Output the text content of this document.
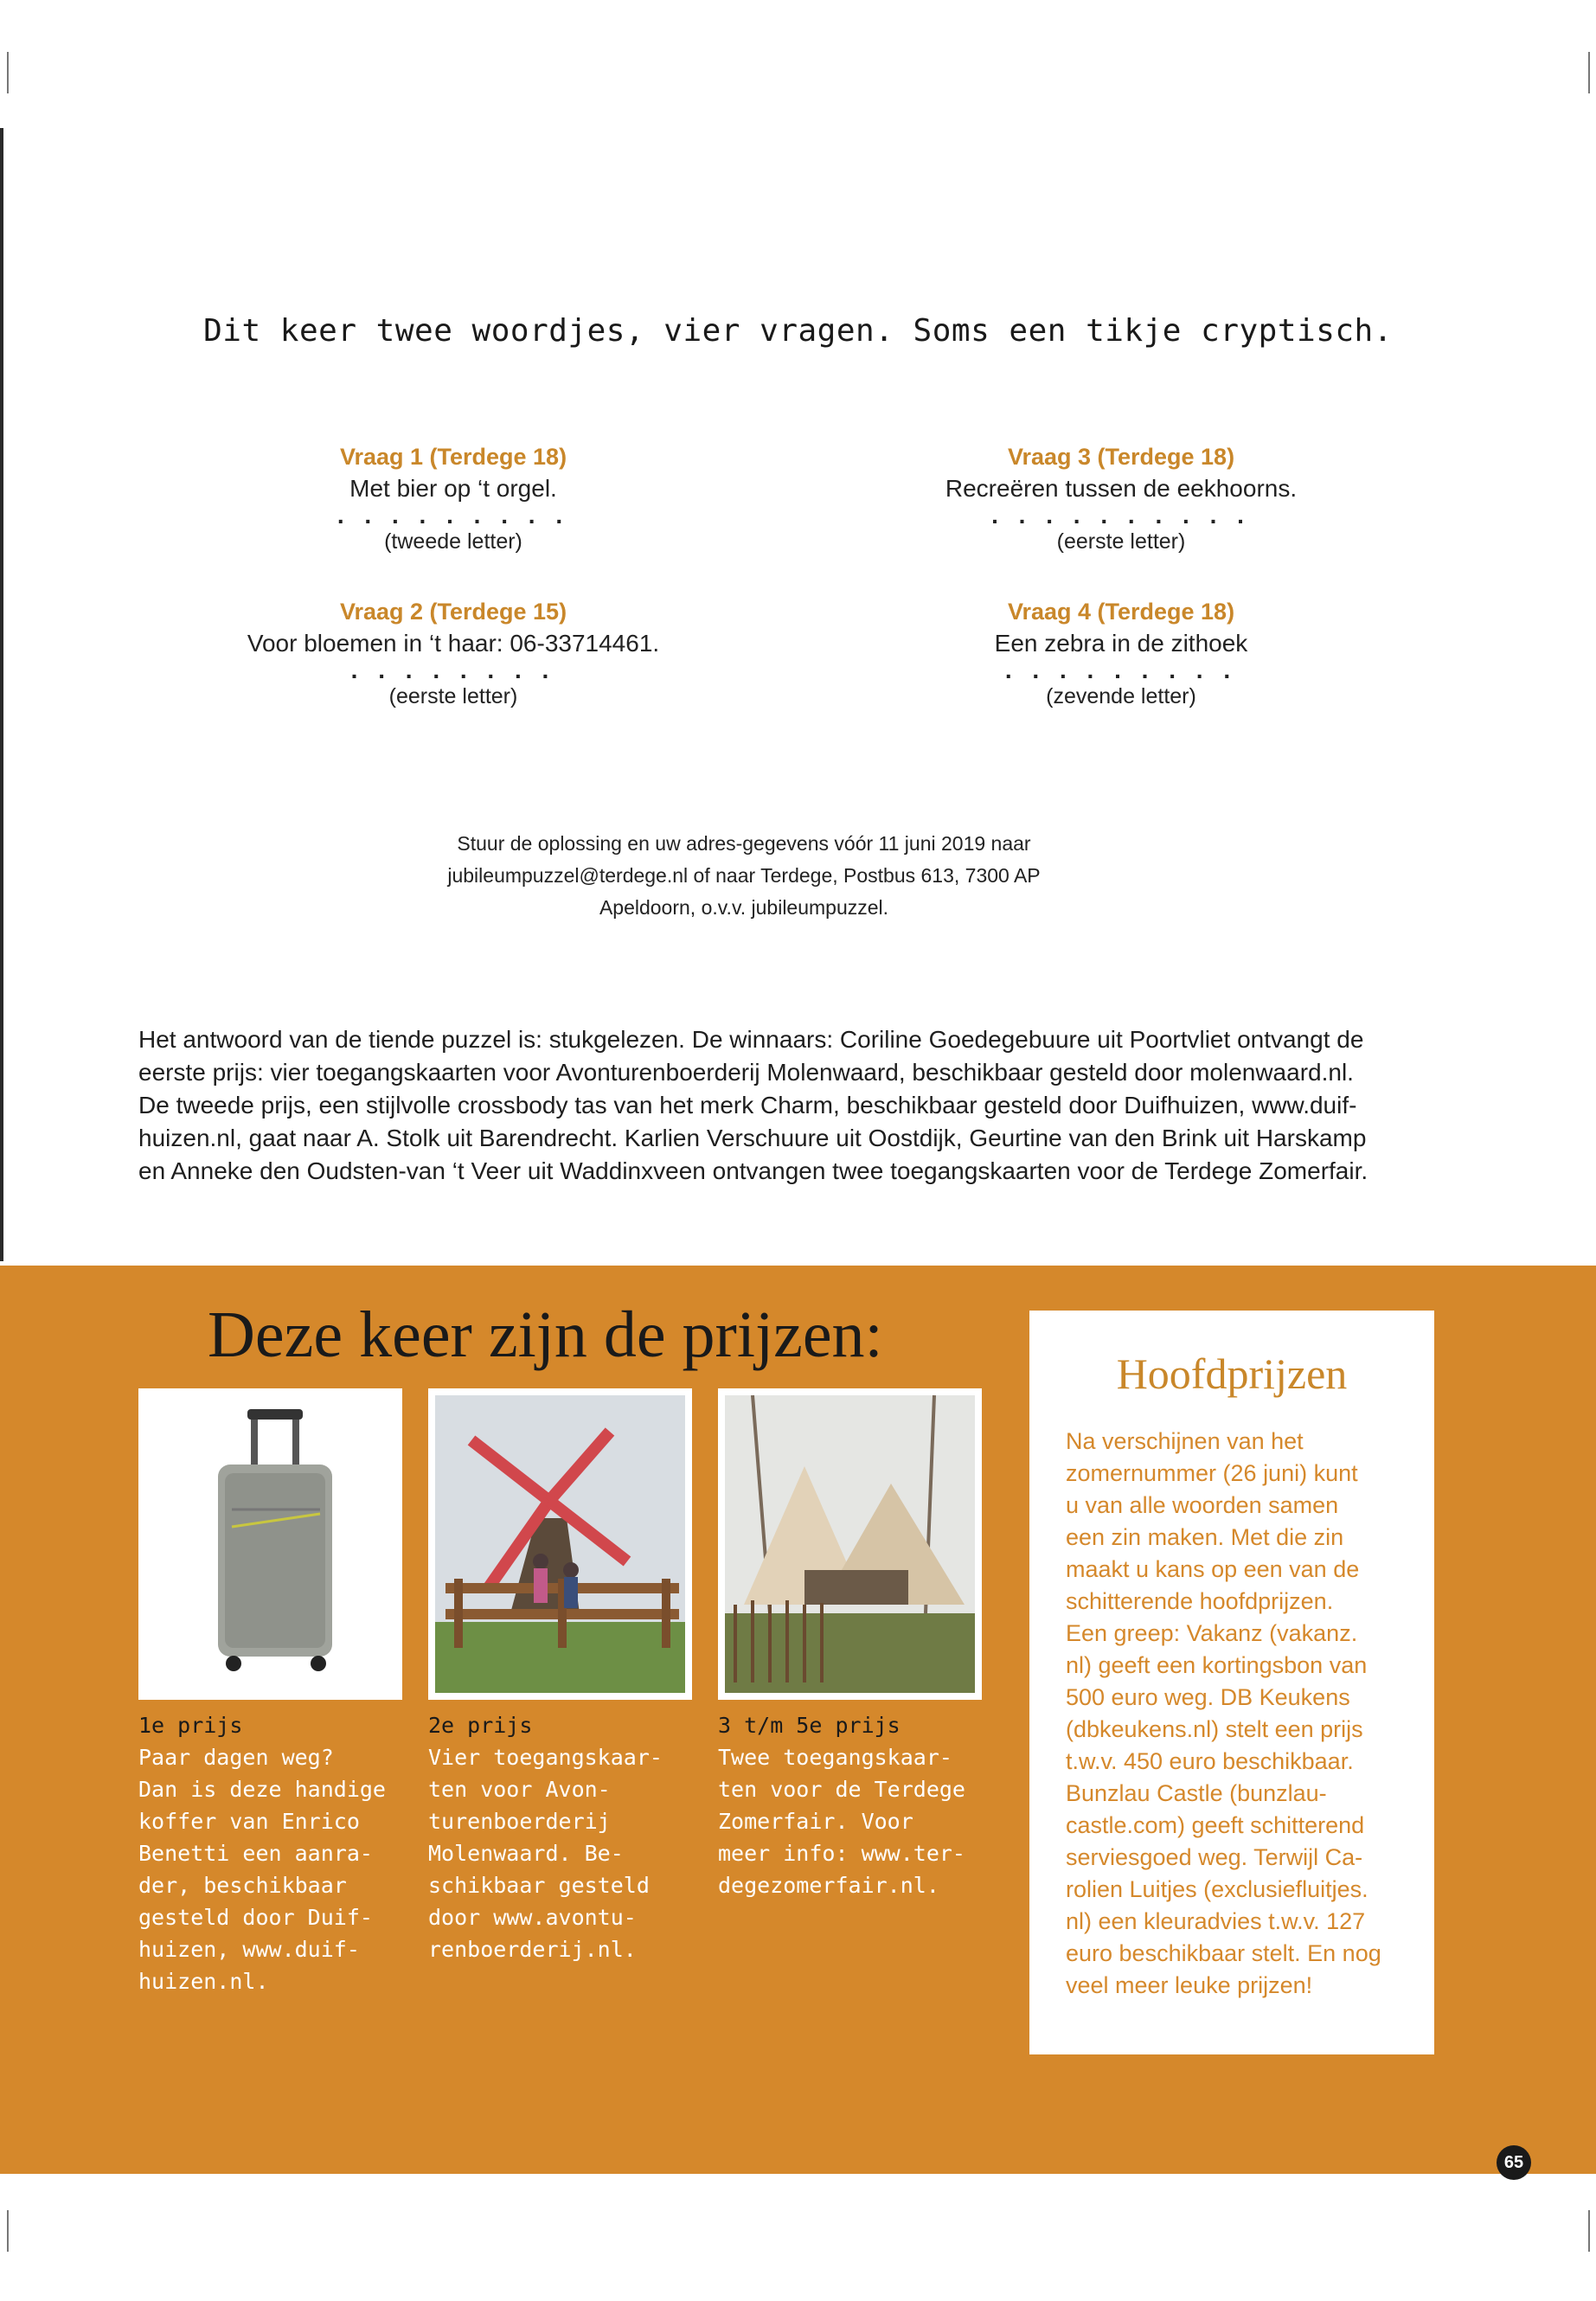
Dit keer twee woordjes, vier vragen. Soms een tikje cryptisch.
Vraag 1 (Terdege 18)
Met bier op ‘t orgel.
. . . . . . . . .
(tweede letter)
Vraag 2 (Terdege 15)
Voor bloemen in ‘t haar: 06-33714461.
. . . . . . . .
(eerste letter)
Vraag 3 (Terdege 18)
Recreëren tussen de eekhoorns.
. . . . . . . . . .
(eerste letter)
Vraag 4 (Terdege 18)
Een zebra in de zithoek
. . . . . . . . .
(zevende letter)
Stuur de oplossing en uw adres-gegevens vóór 11 juni 2019 naar
jubileumpuzzel@terdege.nl of naar Terdege, Postbus 613, 7300 AP
Apeldoorn, o.v.v. jubileumpuzzel.
Het antwoord van de tiende puzzel is: stukgelezen. De winnaars: Coriline Goedegebuure uit Poortvliet ontvangt de
eerste prijs: vier toegangskaarten voor Avonturenboerderij Molenwaard, beschikbaar gesteld door molenwaard.nl.
De tweede prijs, een stijlvolle crossbody tas van het merk Charm, beschikbaar gesteld door Duifhuizen, www.duif-
huizen.nl, gaat naar A. Stolk uit Barendrecht. Karlien Verschuure uit Oostdijk, Geurtine van den Brink uit Harskamp
en Anneke den Oudsten-van ‘t Veer uit Waddinxveen ontvangen twee toegangskaarten voor de Terdege Zomerfair.
Deze keer zijn de prijzen:
1e prijs
Paar dagen weg?
Dan is deze handige
koffer van Enrico
Benetti een aanra-
der, beschikbaar
gesteld door Duif-
huizen, www.duif-
huizen.nl.
2e prijs
Vier toegangskaar-
ten voor Avon-
turenboerderij
Molenwaard. Be-
schikbaar gesteld
door www.avontu-
renboerderij.nl.
3 t/m 5e prijs
Twee toegangskaar-
ten voor de Terdege
Zomerfair. Voor
meer info: www.ter-
degezomerfair.nl.
Hoofdprijzen
Na verschijnen van het
zomernummer (26 juni) kunt
u van alle woorden samen
een zin maken. Met die zin
maakt u kans op een van de
schitterende hoofdprijzen.
Een greep: Vakanz (vakanz.
nl) geeft een kortingsbon van
500 euro weg. DB Keukens
(dbkeukens.nl) stelt een prijs
t.w.v. 450 euro beschikbaar.
Bunzlau Castle (bunzlau-
castle.com) geeft schitterend
serviesgoed weg. Terwijl Ca-
rolien Luitjes (exclusiefluitjes.
nl) een kleuradvies t.w.v. 127
euro beschikbaar stelt. En nog
veel meer leuke prijzen!
65
